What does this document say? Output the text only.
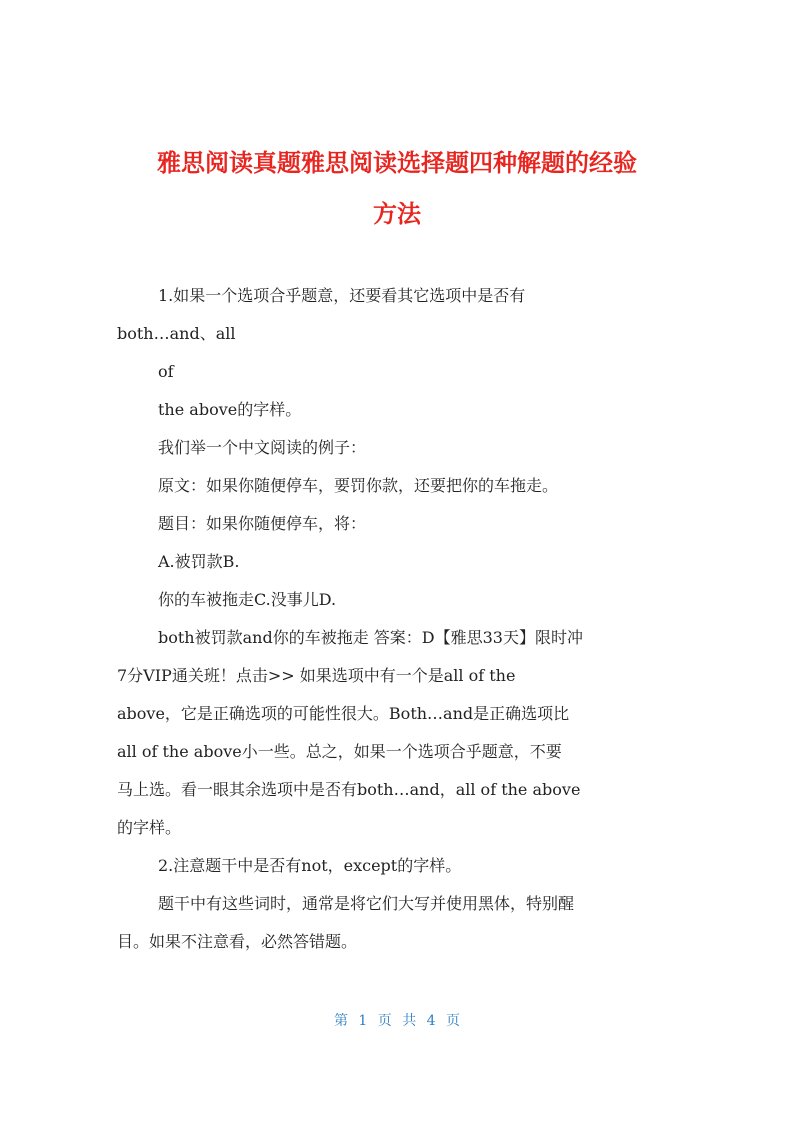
雅思阅读真题雅思阅读选择题四种解题的经验
方法
1.如果一个选项合乎题意，还要看其它选项中是否有
both…and、all
of
the above的字样。
我们举一个中文阅读的例子：
原文：如果你随便停车，要罚你款，还要把你的车拖走。
题目：如果你随便停车，将：
A.被罚款B.
你的车被拖走C.没事儿D.
both被罚款and你的车被拖走 答案：D【雅思33天】限时冲
7分VIP通关班！点击>> 如果选项中有一个是all of the
above，它是正确选项的可能性很大。Both…and是正确选项比
all of the above小一些。总之，如果一个选项合乎题意，不要
马上选。看一眼其余选项中是否有both…and，all of the above
的字样。
2.注意题干中是否有not，except的字样。
题干中有这些词时，通常是将它们大写并使用黑体，特别醒
目。如果不注意看，必然答错题。
第 1 页 共 4 页
